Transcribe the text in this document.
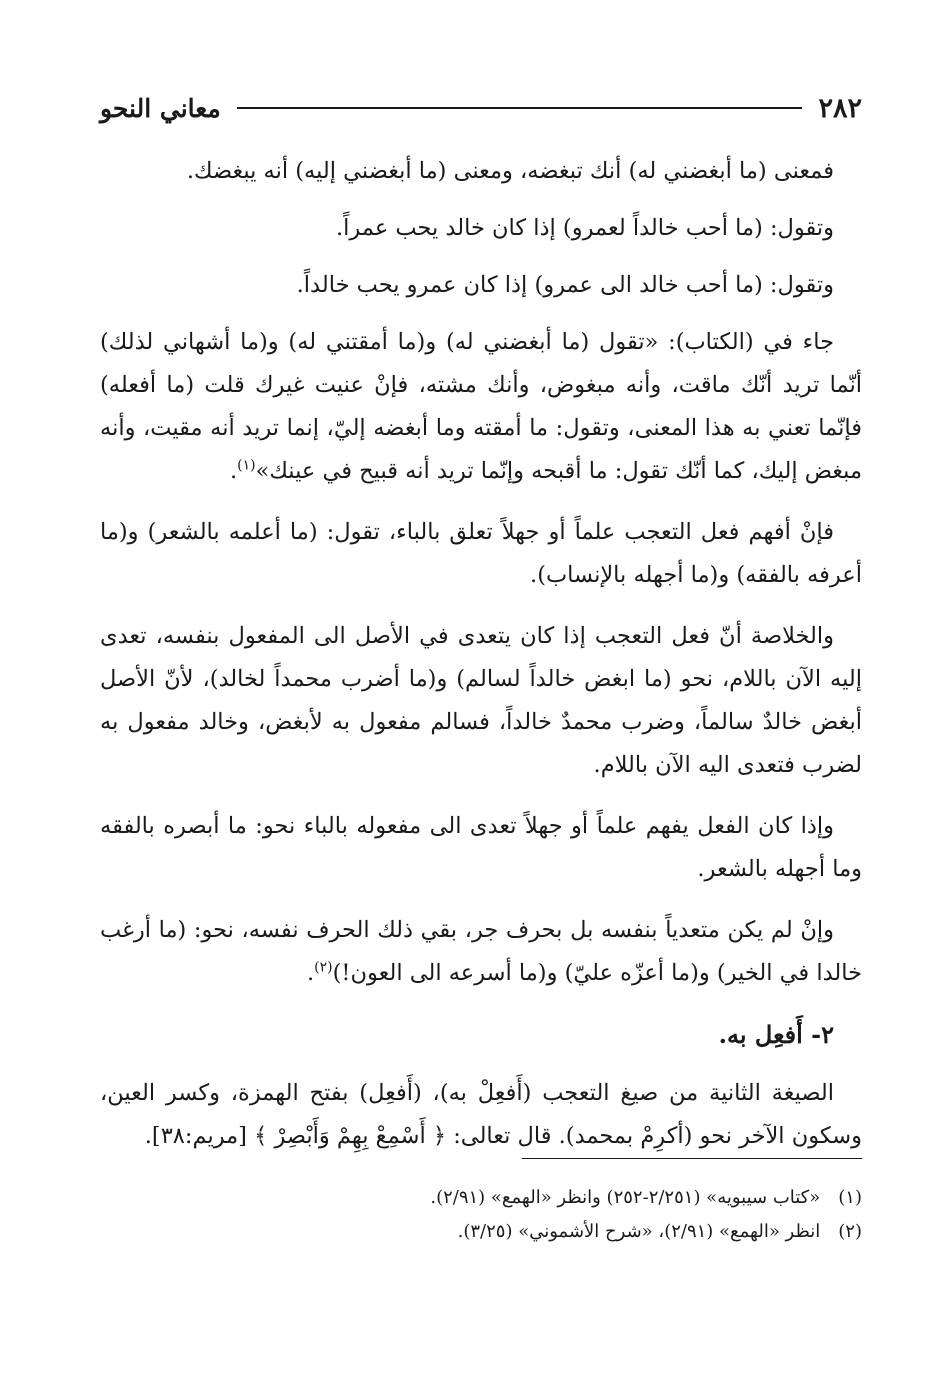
٢٨٢
معاني النحو

فمعنى (ما أبغضني له) أنك تبغضه، ومعنى (ما أبغضني إليه) أنه يبغضك.

وتقول: (ما أحب خالداً لعمرو) إذا كان خالد يحب عمراً.

وتقول: (ما أحب خالد الى عمرو) إذا كان عمرو يحب خالداً.

جاء في (الكتاب): «تقول (ما أبغضني له) و(ما أمقتني له) و(ما أشهاني لذلك) أنّما تريد أنّك ماقت، وأنه مبغوض، وأنك مشته، فإنْ عنيت غيرك قلت (ما أفعله) فإنّما تعني به هذا المعنى، وتقول: ما أمقته وما أبغضه إليّ، إنما تريد أنه مقيت، وأنه مبغض إليك، كما أنّك تقول: ما أقبحه وإنّما تريد أنه قبيح في عينك»$^{(١)}$.

فإنْ أفهم فعل التعجب علماً أو جهلاً تعلق بالباء، تقول: (ما أعلمه بالشعر) و(ما أعرفه بالفقه) و(ما أجهله بالإنساب).

والخلاصة أنّ فعل التعجب إذا كان يتعدى في الأصل الى المفعول بنفسه، تعدى إليه الآن باللام، نحو (ما ابغض خالداً لسالم) و(ما أضرب محمداً لخالد)، لأنّ الأصل أبغض خالدٌ سالماً، وضرب محمدٌ خالداً، فسالم مفعول به لأبغض، وخالد مفعول به لضرب فتعدى اليه الآن باللام.

وإذا كان الفعل يفهم علماً أو جهلاً تعدى الى مفعوله بالباء نحو: ما أبصره بالفقه وما أجهله بالشعر.

وإنْ لم يكن متعدياً بنفسه بل بحرف جر، بقي ذلك الحرف نفسه، نحو: (ما أرغب خالدا في الخير) و(ما أعزّه عليّ) و(ما أسرعه الى العون!)$^{(٢)}$.

٢- أَفعِل به.

الصيغة الثانية من صيغ التعجب (أَفعِلْ به)، (أَفعِل) بفتح الهمزة، وكسر العين، وسكون الآخر نحو (أكرِمْ بمحمد). قال تعالى: ﴿ أَسْمِعْ بِهِمْ وَأَبْصِرْ ﴾ [مريم:٣٨].

(١)
«كتاب سيبويه» (٢/٢٥١-٢٥٢) وانظر «الهمع» (٢/٩١).
(٢)
انظر «الهمع» (٢/٩١)، «شرح الأشموني» (٣/٢٥).
